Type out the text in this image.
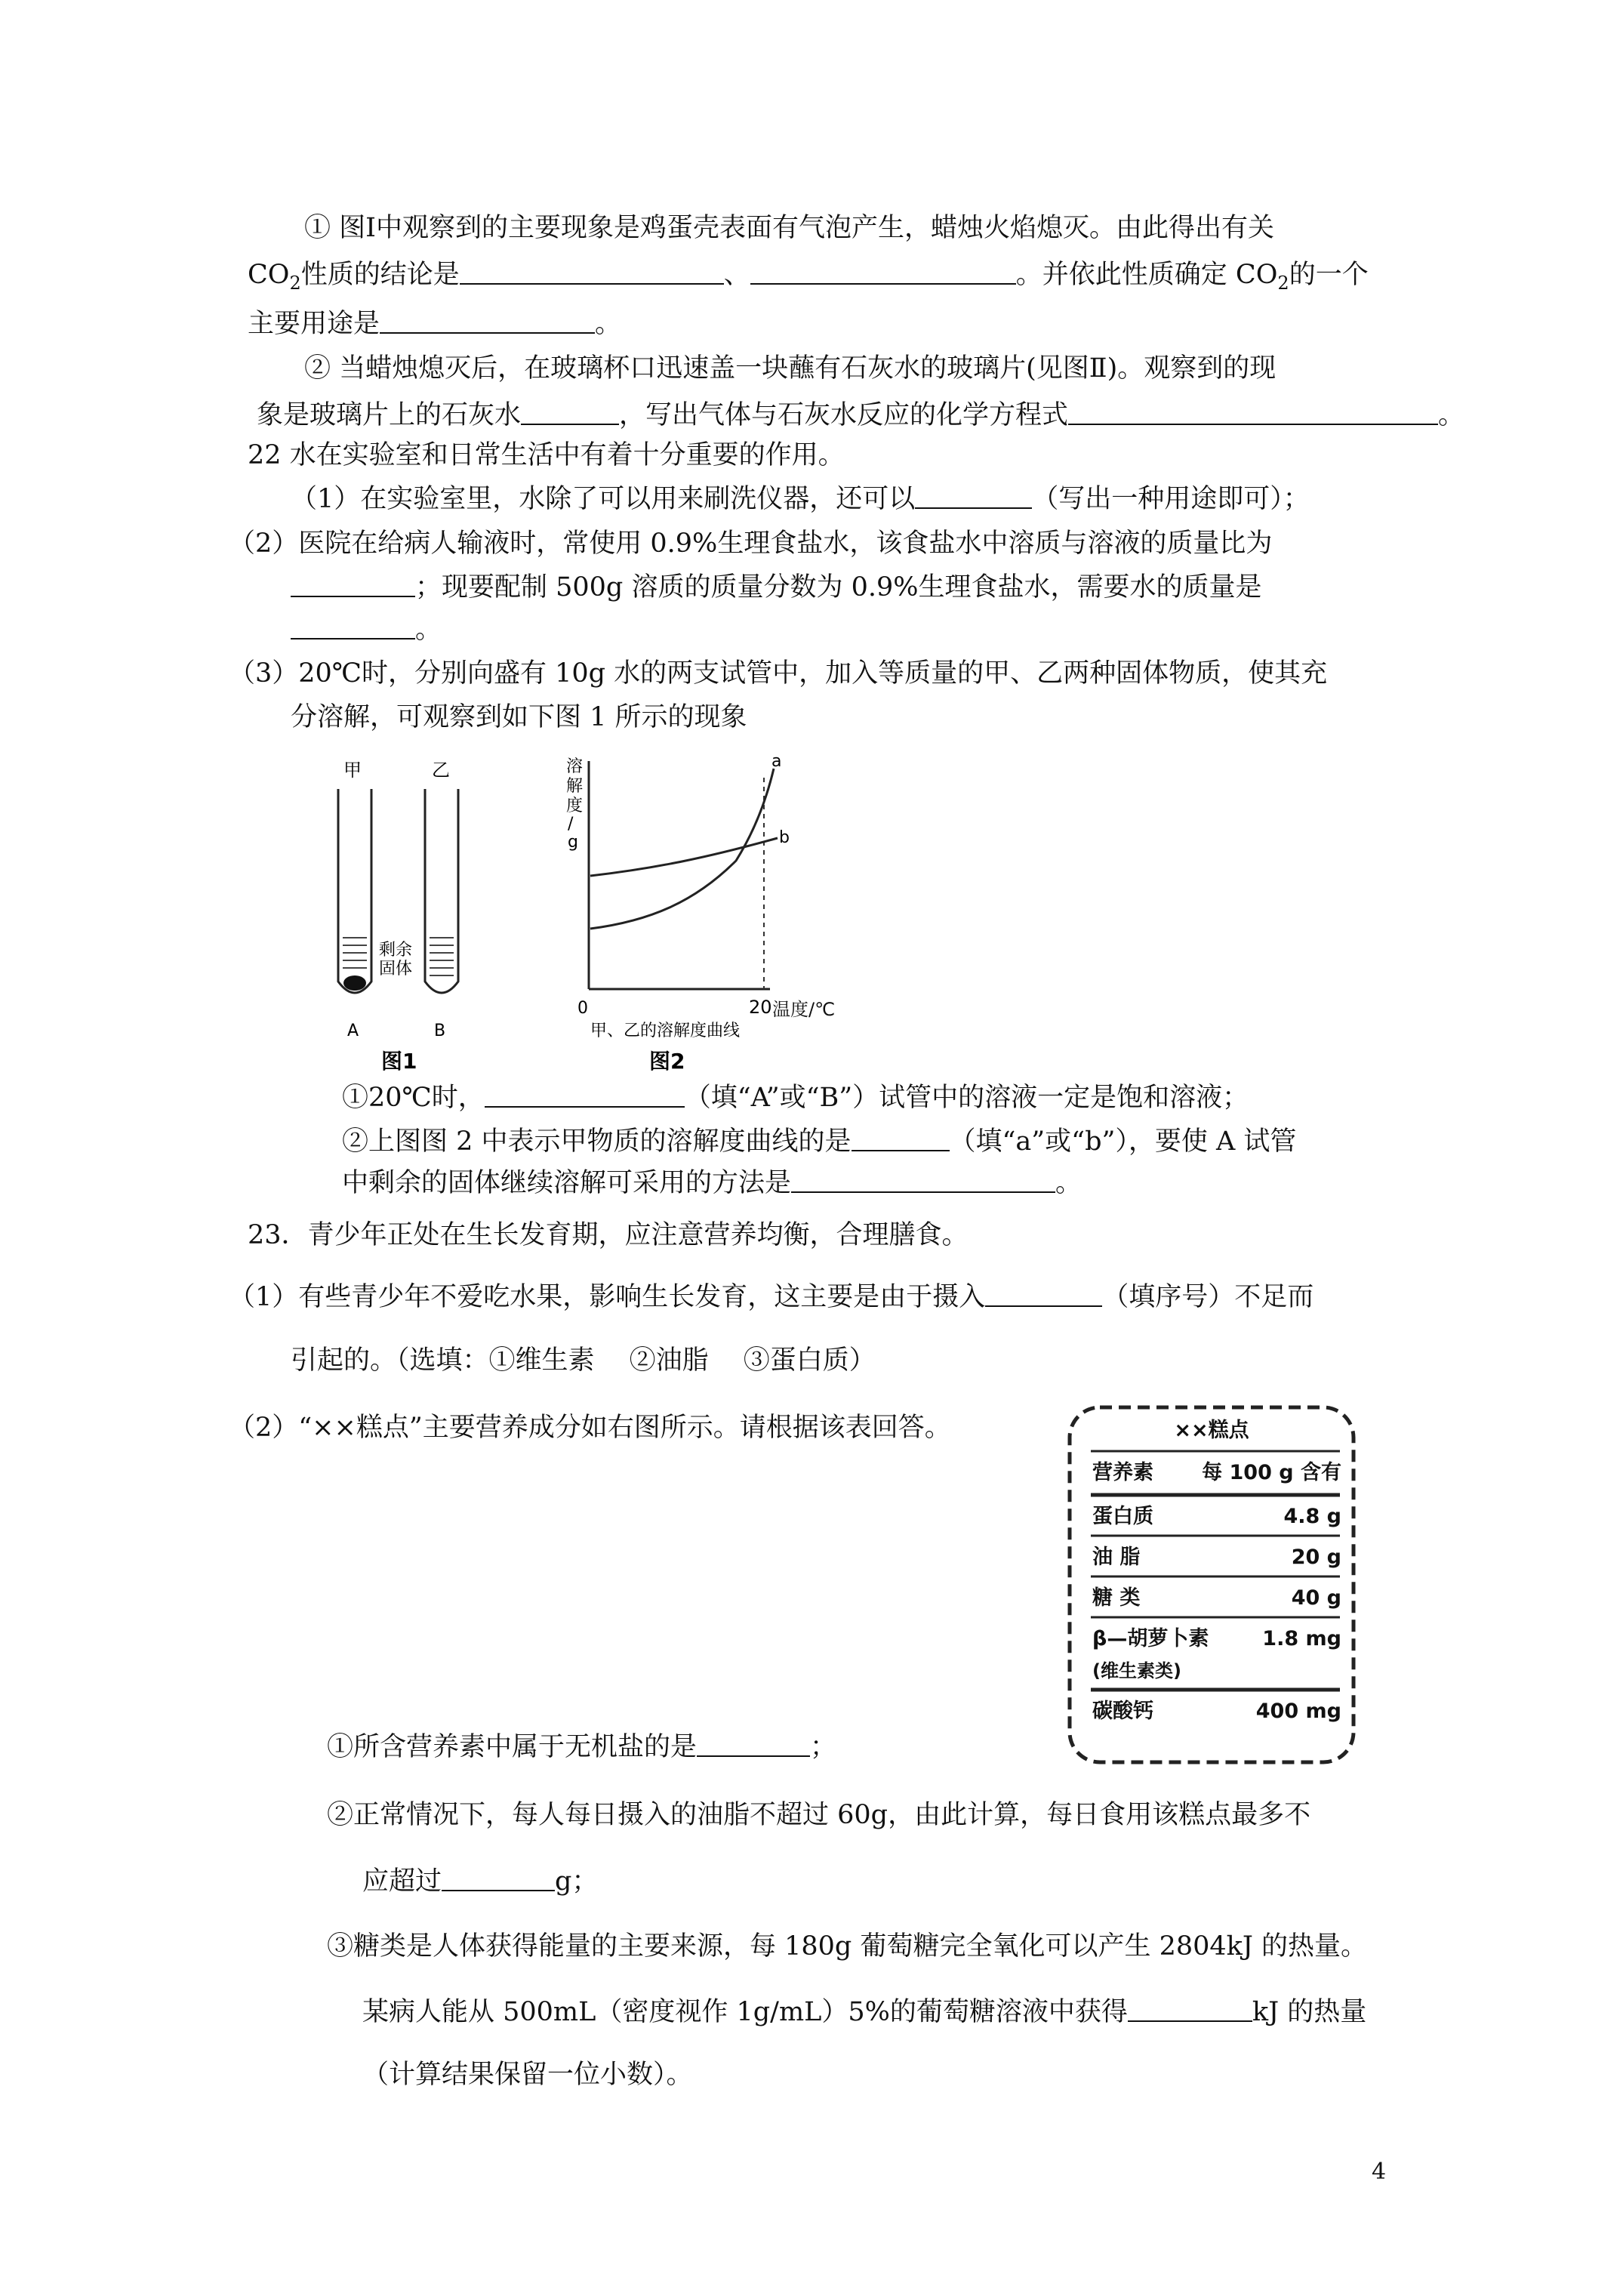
① 图Ⅰ中观察到的主要现象是鸡蛋壳表面有气泡产生，蜡烛火焰熄灭。由此得出有关
$CO_2$性质的结论是	、	。并依此性质确定 $CO_2$的一个
主要用途是	。
② 当蜡烛熄灭后，在玻璃杯口迅速盖一块蘸有石灰水的玻璃片(见图Ⅱ)。观察到的现
象是玻璃片上的石灰水	，写出气体与石灰水反应的化学方程式	。
22 水在实验室和日常生活中有着十分重要的作用。
（1）在实验室里，水除了可以用来刷洗仪器，还可以	（写出一种用途即可）；
（2）医院在给病人输液时，常使用 0.9%生理食盐水，该食盐水中溶质与溶液的质量比为
；现要配制 500g 溶质的质量分数为 0.9%生理食盐水，需要水的质量是
。
（3）20℃时，分别向盛有 10g 水的两支试管中，加入等质量的甲、乙两种固体物质，使其充
分溶解，可观察到如下图 1 所示的现象
甲	乙
剩余
固体
A	B
图1
溶
解
度
/
g
a
b
0	20
甲、乙的溶解度曲线
图2
温度/℃
①20℃时，	（填“A”或“B”）试管中的溶液一定是饱和溶液；
②上图图 2 中表示甲物质的溶解度曲线的是	（填“a”或“b”），要使 A 试管
中剩余的固体继续溶解可采用的方法是	。
23．青少年正处在生长发育期，应注意营养均衡，合理膳食。
（1）有些青少年不爱吃水果，影响生长发育，这主要是由于摄入	（填序号）不足而
引起的。（选填：①维生素　 ②油脂　 ③蛋白质）
（2）“××糕点”主要营养成分如右图所示。请根据该表回答。	××糕点
营养素 每 100 g 含有
蛋白质	4.8 g
油 脂	20 g
糖 类	40 g
β—胡萝卜素	1.8 mg
(维生素类)
碳酸钙	400 mg
①所含营养素中属于无机盐的是	；
②正常情况下，每人每日摄入的油脂不超过 60g，由此计算，每日食用该糕点最多不
应超过	g；
③糖类是人体获得能量的主要来源，每 180g 葡萄糖完全氧化可以产生 2804kJ 的热量。
某病人能从 500mL（密度视作 1g/mL）5%的葡萄糖溶液中获得	kJ 的热量
（计算结果保留一位小数）。
4
